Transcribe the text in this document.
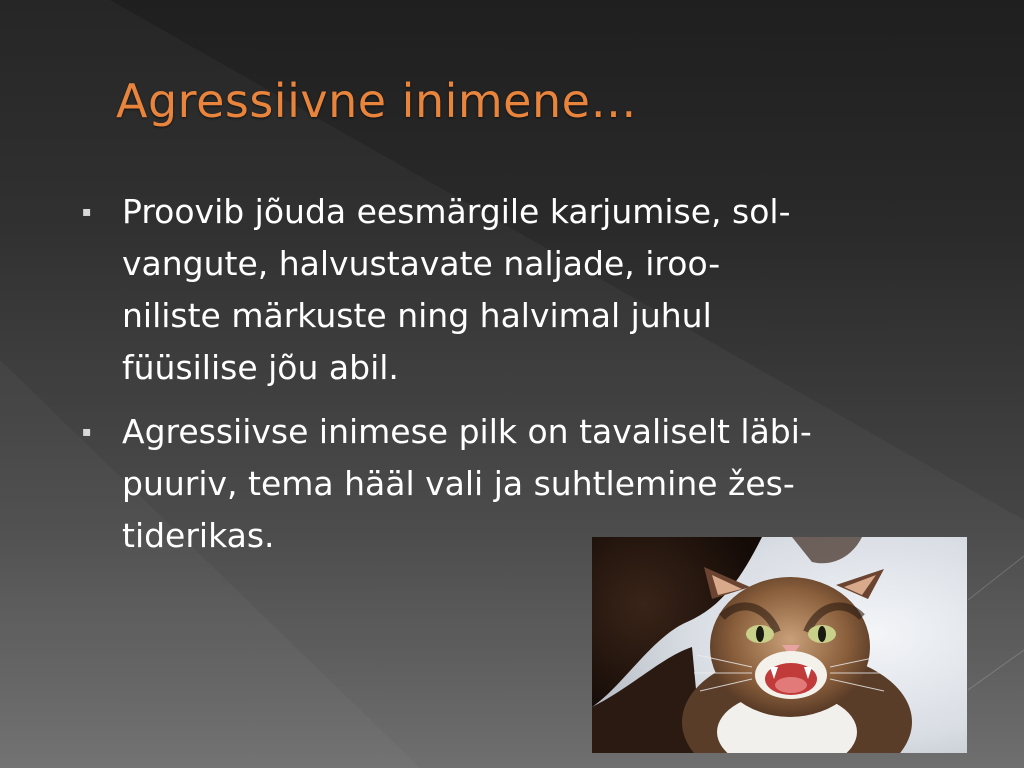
Agressiivne inimene…
▪ Proovib jõuda eesmärgile karjumise, sol-
vangute, halvustavate naljade, iroo-
niliste märkuste ning halvimal juhul
füüsilise jõu abil.

▪ Agressiivse inimese pilk on tavaliselt läbi-
puuriv, tema hääl vali ja suhtlemine žes-
tiderikas.
